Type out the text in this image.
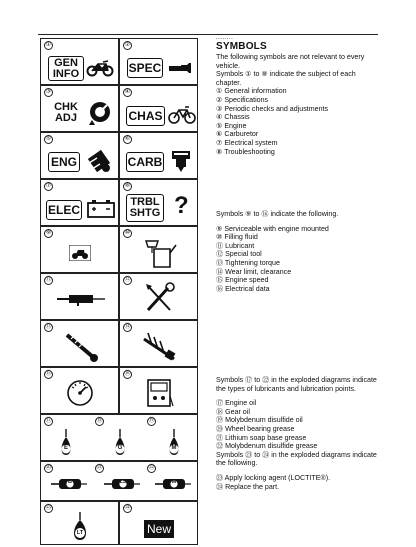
①
GEN
INFO
②
SPEC
③
CHK
ADJ
④
CHAS
⑤
ENG
⑥
CARB
⑦
ELEC
⑧
TRBL
SHTG ?
⑨	⑩
⑪	⑫
⑬	⑭
⑮	⑯
⑰	⑱	⑲
E	G	M
⑳	㉑	㉒
B	LS	M
㉓
LT
㉔
New
........
SYMBOLS
The following symbols are not relevant to every vehicle.
Symbols ① to ⑧ indicate the subject of each chapter.
① General information
② Specifications
③ Periodic checks and adjustments
④ Chassis
⑤ Engine
⑥ Carburetor
⑦ Electrical system
⑧ Troubleshooting
Symbols ⑨ to ⑯ indicate the following.
⑨ Serviceable with engine mounted
⑩ Filling fluid
⑪ Lubricant
⑫ Special tool
⑬ Tightening torque
⑭ Wear limit, clearance
⑮ Engine speed
⑯ Electrical data
Symbols ⑰ to ㉒ in the exploded diagrams indicate the types of lubricants and lubrication points.
⑰ Engine oil
⑱ Gear oil
⑲ Molybdenum disulfide oil
⑳ Wheel bearing grease
㉑ Lithium soap base grease
㉒ Molybdenum disulfide grease
Symbols ㉓ to ㉔ in the exploded diagrams indicate the following.
㉓ Apply locking agent (LOCTITE®).
㉔ Replace the part.
